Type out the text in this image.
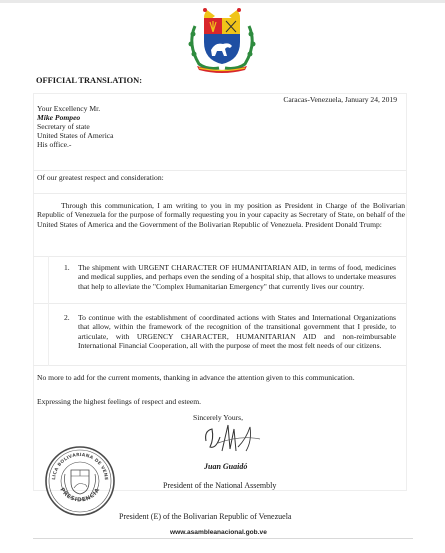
OFFICIAL TRANSLATION:
Caracas-Venezuela, January 24, 2019
Your Excellency Mr.
Mike Pompeo
Secretary of state
United States of America
His office.-
Of our greatest respect and consideration:
Through this communication, I am writing to you in my position as President in Charge of the Bolivarian Republic of Venezuela for the purpose of formally requesting you in your capacity as Secretary of State, on behalf of the United States of America and the Government of the Bolivarian Republic of Venezuela. President Donald Trump:
1. The shipment with URGENT CHARACTER OF HUMANITARIAN AID, in terms of food, medicines and medical supplies, and perhaps even the sending of a hospital ship, that allows to undertake measures that help to alleviate the "Complex Humanitarian Emergency" that currently lives our country.
2. To continue with the establishment of coordinated actions with States and International Organizations that allow, within the framework of the recognition of the transitional government that I preside, to articulate, with URGENCY CHARACTER, HUMANITARIAN AID and non-reimbursable International Financial Cooperation, all with the purpose of meet the most felt needs of our citizens.
No more to add for the current moments, thanking in advance the attention given to this communication.
Expressing the highest feelings of respect and esteem.
Sincerely Yours,
LICA BOLIVARIANA DE VENE
PRESIDENCIA
Juan Guaidó
President of the National Assembly
President (E) of the Bolivarian Republic of Venezuela
www.asambleanacional.gob.ve
